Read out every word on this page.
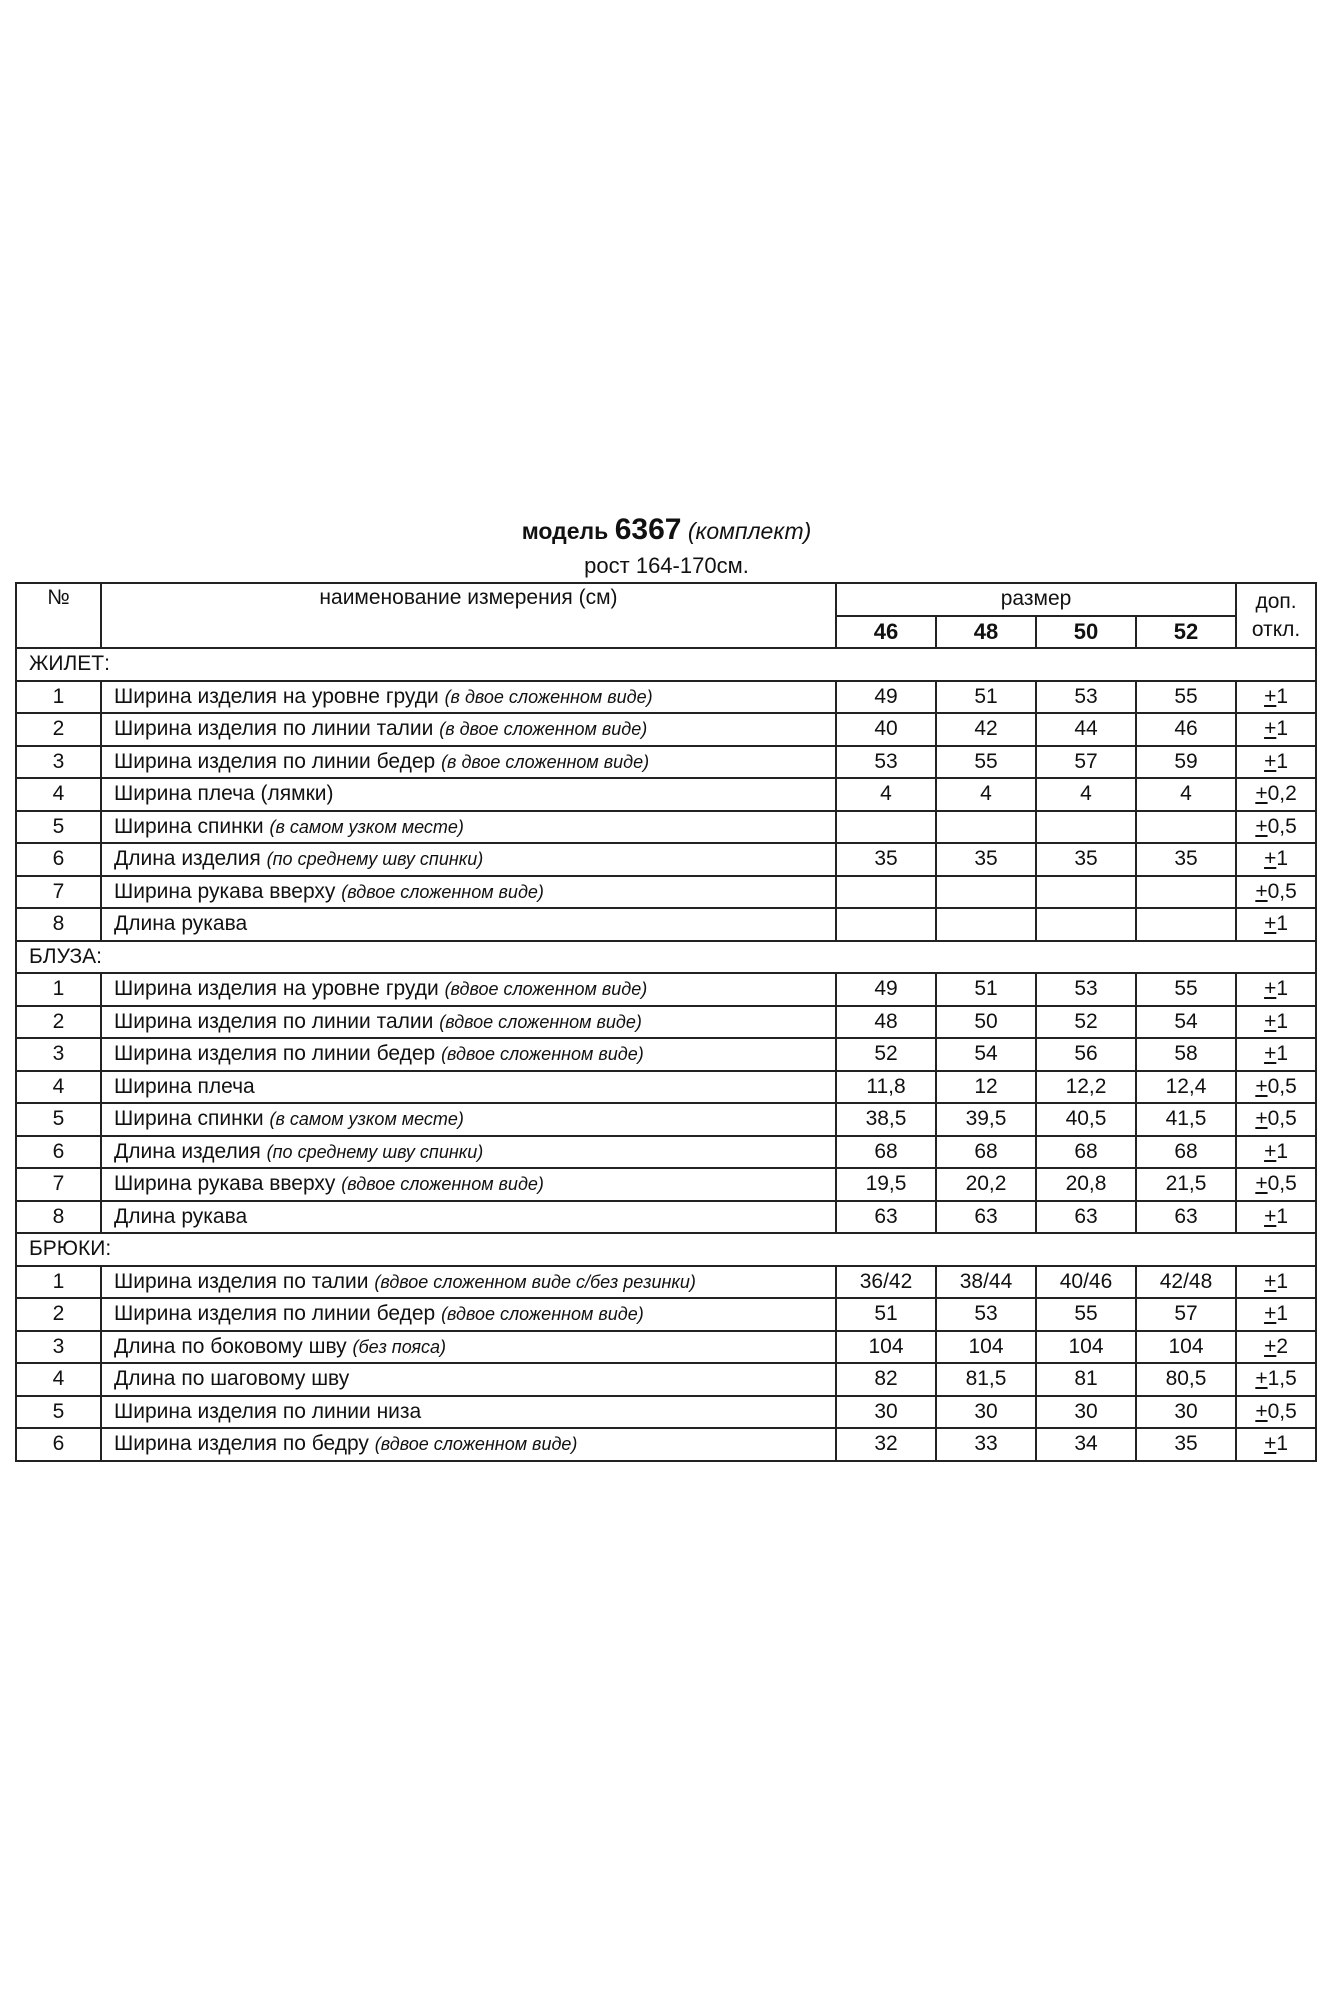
модель 6367 (комплект)
рост 164-170см.
№	наименование измерения (см)	размер				доп.
откл.
		46	48	50	52	
ЖИЛЕТ:						
1	Ширина изделия на уровне груди (в двое сложенном виде)	49	51	53	55	+1
2	Ширина изделия по линии талии (в двое сложенном виде)	40	42	44	46	+1
3	Ширина изделия по линии бедер (в двое сложенном виде)	53	55	57	59	+1
4	Ширина плеча (лямки)	4	4	4	4	+0,2
5	Ширина спинки (в самом узком месте)					+0,5
6	Длина изделия (по среднему шву спинки)	35	35	35	35	+1
7	Ширина рукава вверху (вдвое сложенном виде)					+0,5
8	Длина рукава					+1
БЛУЗА:						
1	Ширина изделия на уровне груди (вдвое сложенном виде)	49	51	53	55	+1
2	Ширина изделия по линии талии (вдвое сложенном виде)	48	50	52	54	+1
3	Ширина изделия по линии бедер (вдвое сложенном виде)	52	54	56	58	+1
4	Ширина плеча	11,8	12	12,2	12,4	+0,5
5	Ширина спинки (в самом узком месте)	38,5	39,5	40,5	41,5	+0,5
6	Длина изделия (по среднему шву спинки)	68	68	68	68	+1
7	Ширина рукава вверху (вдвое сложенном виде)	19,5	20,2	20,8	21,5	+0,5
8	Длина рукава	63	63	63	63	+1
БРЮКИ:						
1	Ширина изделия по талии (вдвое сложенном виде с/без резинки)	36/42	38/44	40/46	42/48	+1
2	Ширина изделия по линии бедер (вдвое сложенном виде)	51	53	55	57	+1
3	Длина по боковому шву (без пояса)	104	104	104	104	+2
4	Длина по шаговому шву	82	81,5	81	80,5	+1,5
5	Ширина изделия по линии низа	30	30	30	30	+0,5
6	Ширина изделия по бедру (вдвое сложенном виде)	32	33	34	35	+1
